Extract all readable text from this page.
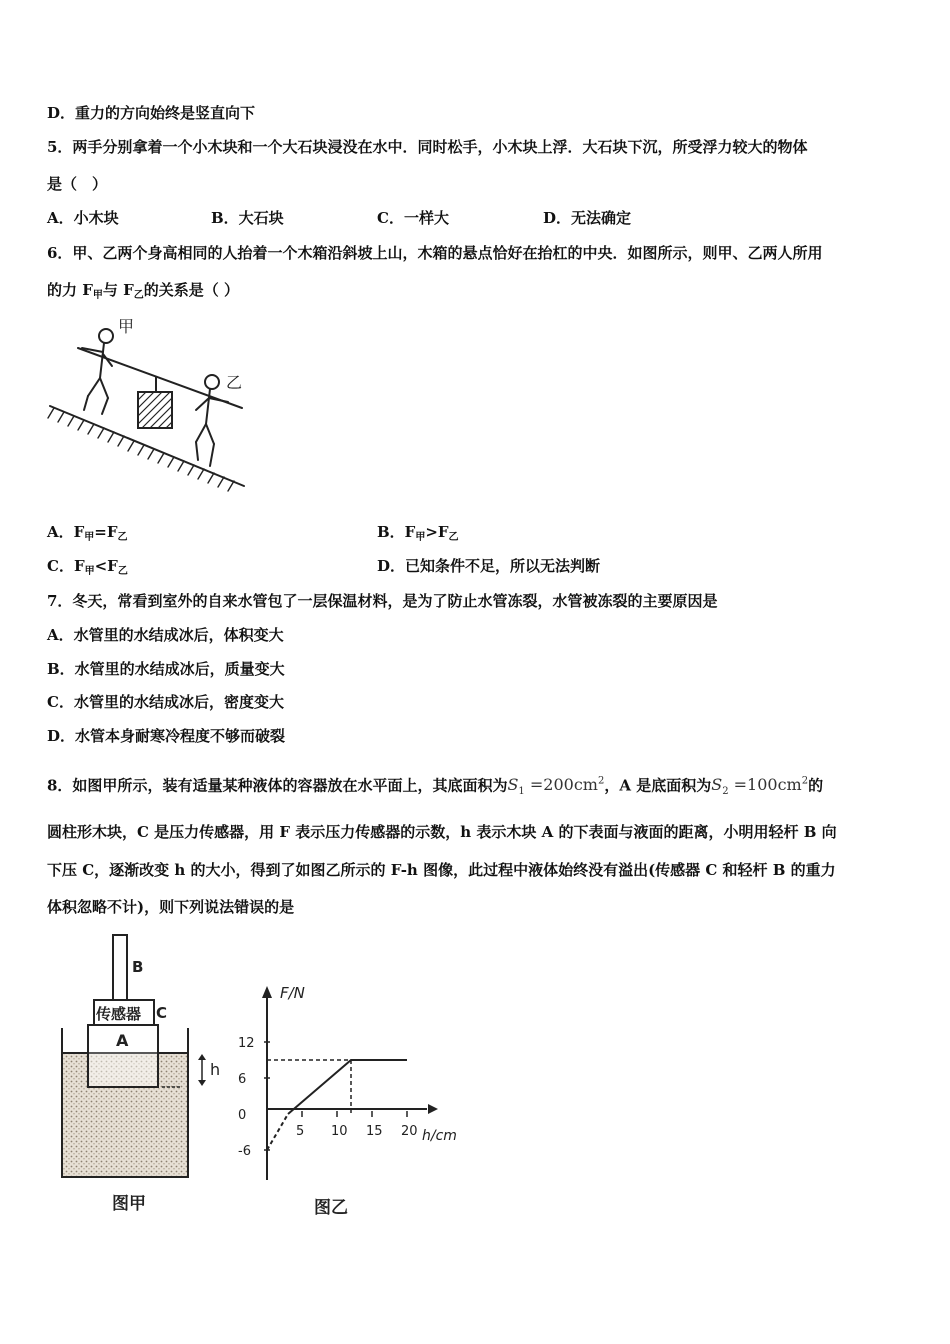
D．重力的方向始终是竖直向下
5．两手分别拿着一个小木块和一个大石块浸没在水中．同时松手，小木块上浮．大石块下沉，所受浮力较大的物体
是（　）
A．小木块	B．大石块	C．一样大	D．无法确定
6．甲、乙两个身高相同的人抬着一个木箱沿斜坡上山，木箱的悬点恰好在抬杠的中央．如图所示，则甲、乙两人所用
的力 $F_甲$与 $F_乙$的关系是（ ）
甲
乙
A．$F_甲=F_乙$	B．$F_甲>F_乙$
C．$F_甲<F_乙$	D．已知条件不足，所以无法判断
7．冬天，常看到室外的自来水管包了一层保温材料，是为了防止水管冻裂，水管被冻裂的主要原因是
A．水管里的水结成冰后，体积变大
B．水管里的水结成冰后，质量变大
C．水管里的水结成冰后，密度变大
D．水管本身耐寒冷程度不够而破裂
8．如图甲所示，装有适量某种液体的容器放在水平面上，其底面积为$S_1 =200cm^2$，A 是底面积为$S_2 =100cm^2$的
圆柱形木块，C 是压力传感器，用 F 表示压力传感器的示数，h 表示木块 A 的下表面与液面的距离，小明用轻杆 B 向
下压 C，逐渐改变 h 的大小，得到了如图乙所示的 F-h 图像，此过程中液体始终没有溢出(传感器 C 和轻杆 B 的重力
体积忽略不计)，则下列说法错误的是
A
传感器 C
B
h
图甲
F/N
h/cm
图乙
12
6
0
-6
5 10 15 20
